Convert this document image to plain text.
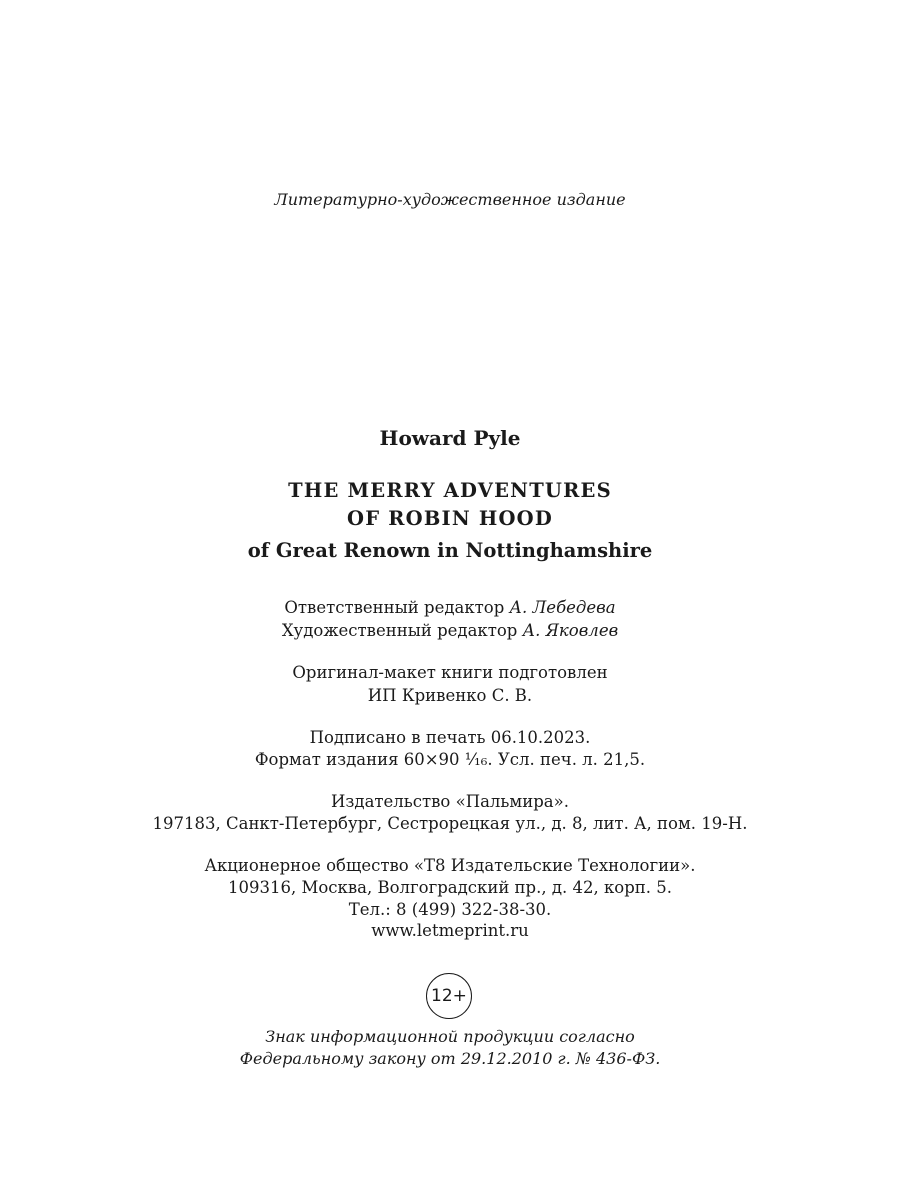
Литературно-художественное издание
Howard Pyle
THE MERRY ADVENTURES
OF ROBIN HOOD
of Great Renown in Nottinghamshire
Ответственный редактор А. Лебедева
Художественный редактор А. Яковлев
Оригинал-макет книги подготовлен
ИП Кривенко С. В.
Подписано в печать 06.10.2023.
Формат издания 60×90 ¹⁄₁₆. Усл. печ. л. 21,5.
Издательство «Пальмира».
197183, Санкт-Петербург, Сестрорецкая ул., д. 8, лит. А, пом. 19-Н.
Акционерное общество «Т8 Издательские Технологии».
109316, Москва, Волгоградский пр., д. 42, корп. 5.
Тел.: 8 (499) 322-38-30.
www.letmeprint.ru
12+
Знак информационной продукции согласно
Федеральному закону от 29.12.2010 г. № 436-ФЗ.
